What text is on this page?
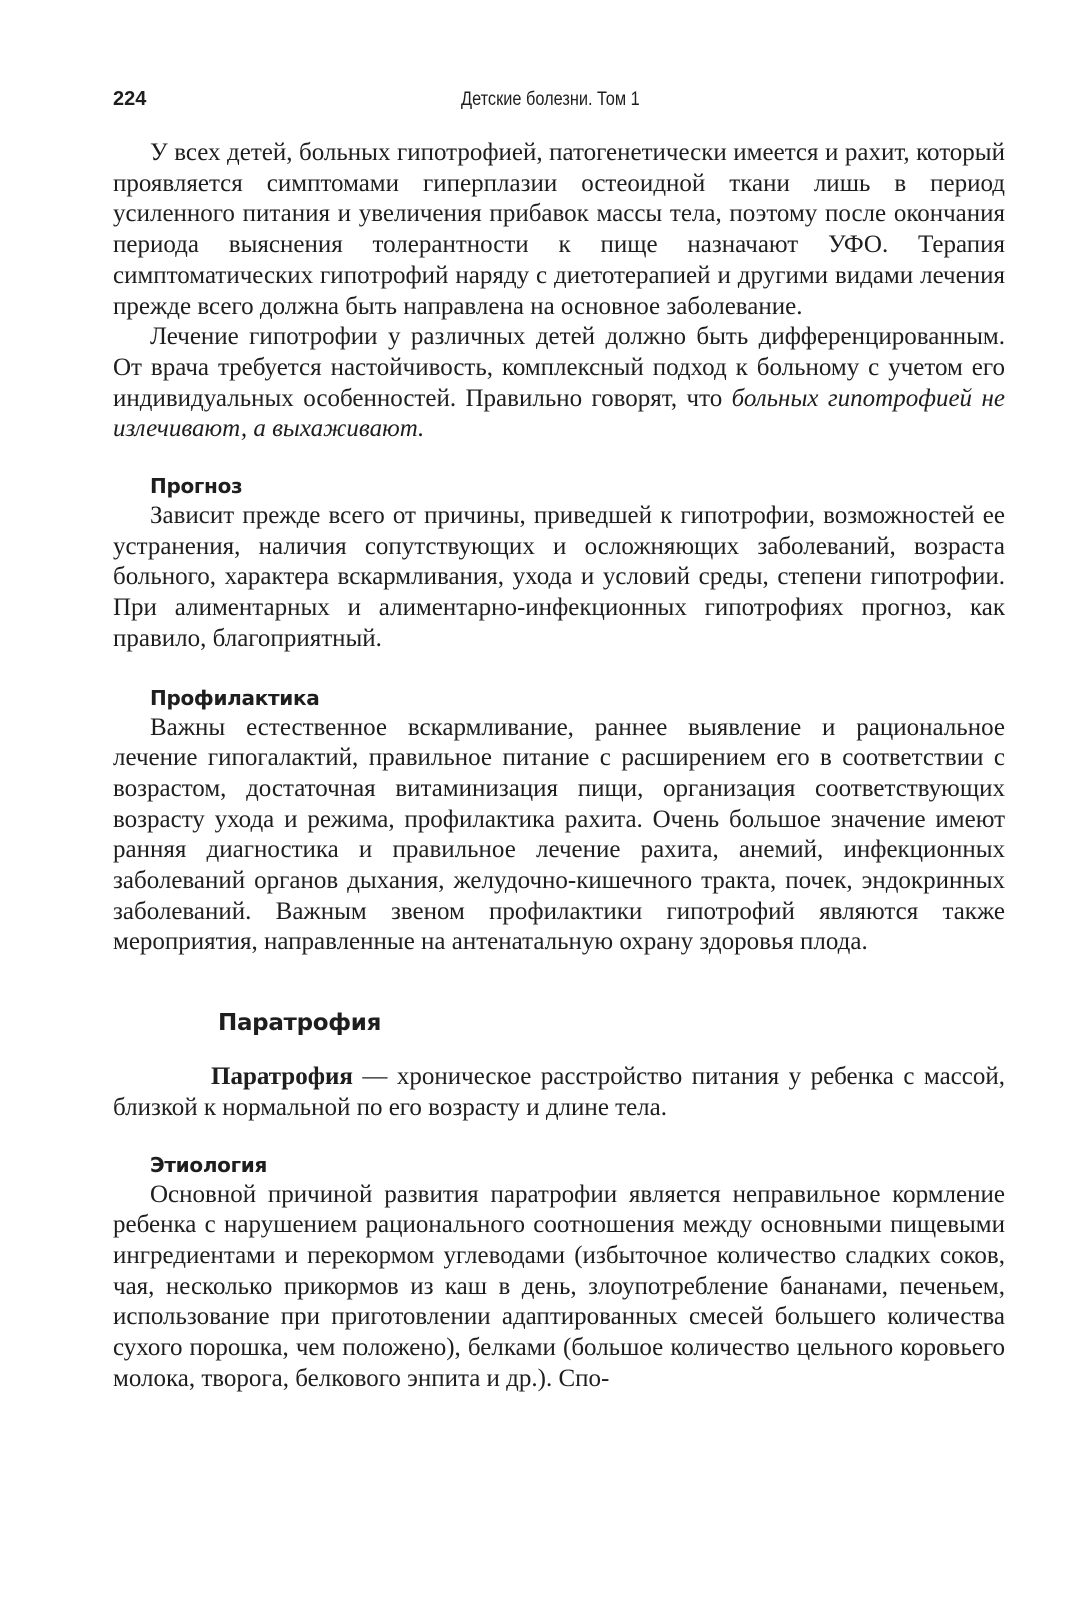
224	Детские болезни. Том 1

У всех детей, больных гипотрофией, патогенетически имеется и рахит, который проявляется симптомами гиперплазии остеоидной ткани лишь в период усиленного питания и увеличения прибавок массы тела, поэтому после окончания периода выяснения толерантности к пище назначают УФО. Терапия симптоматических гипотрофий наряду с диетотерапией и другими видами лечения прежде всего должна быть направлена на основное заболевание.

Лечение гипотрофии у различных детей должно быть дифференцированным. От врача требуется настойчивость, комплексный подход к больному с учетом его индивидуальных особенностей. Правильно говорят, что больных гипотрофией не излечивают, а выхаживают.

Прогноз

Зависит прежде всего от причины, приведшей к гипотрофии, возможностей ее устранения, наличия сопутствующих и осложняющих заболеваний, возраста больного, характера вскармливания, ухода и условий среды, степени гипотрофии. При алиментарных и алиментарно-инфекционных гипотрофиях прогноз, как правило, благоприятный.

Профилактика

Важны естественное вскармливание, раннее выявление и рациональное лечение гипогалактий, правильное питание с расширением его в соответствии с возрастом, достаточная витаминизация пищи, организация соответствующих возрасту ухода и режима, профилактика рахита. Очень большое значение имеют ранняя диагностика и правильное лечение рахита, анемий, инфекционных заболеваний органов дыхания, желудочно-кишечного тракта, почек, эндокринных заболеваний. Важным звеном профилактики гипотрофий являются также мероприятия, направленные на антенатальную охрану здоровья плода.

Паратрофия

Паратрофия — хроническое расстройство питания у ребенка с массой, близкой к нормальной по его возрасту и длине тела.

Этиология

Основной причиной развития паратрофии является неправильное кормление ребенка с нарушением рационального соотношения между основными пищевыми ингредиентами и перекормом углеводами (избыточное количество сладких соков, чая, несколько прикормов из каш в день, злоупотребление бананами, печеньем, использование при приготовлении адаптированных смесей большего количества сухого порошка, чем положено), белками (большое количество цельного коровьего молока, творога, белкового энпита и др.). Спо-
